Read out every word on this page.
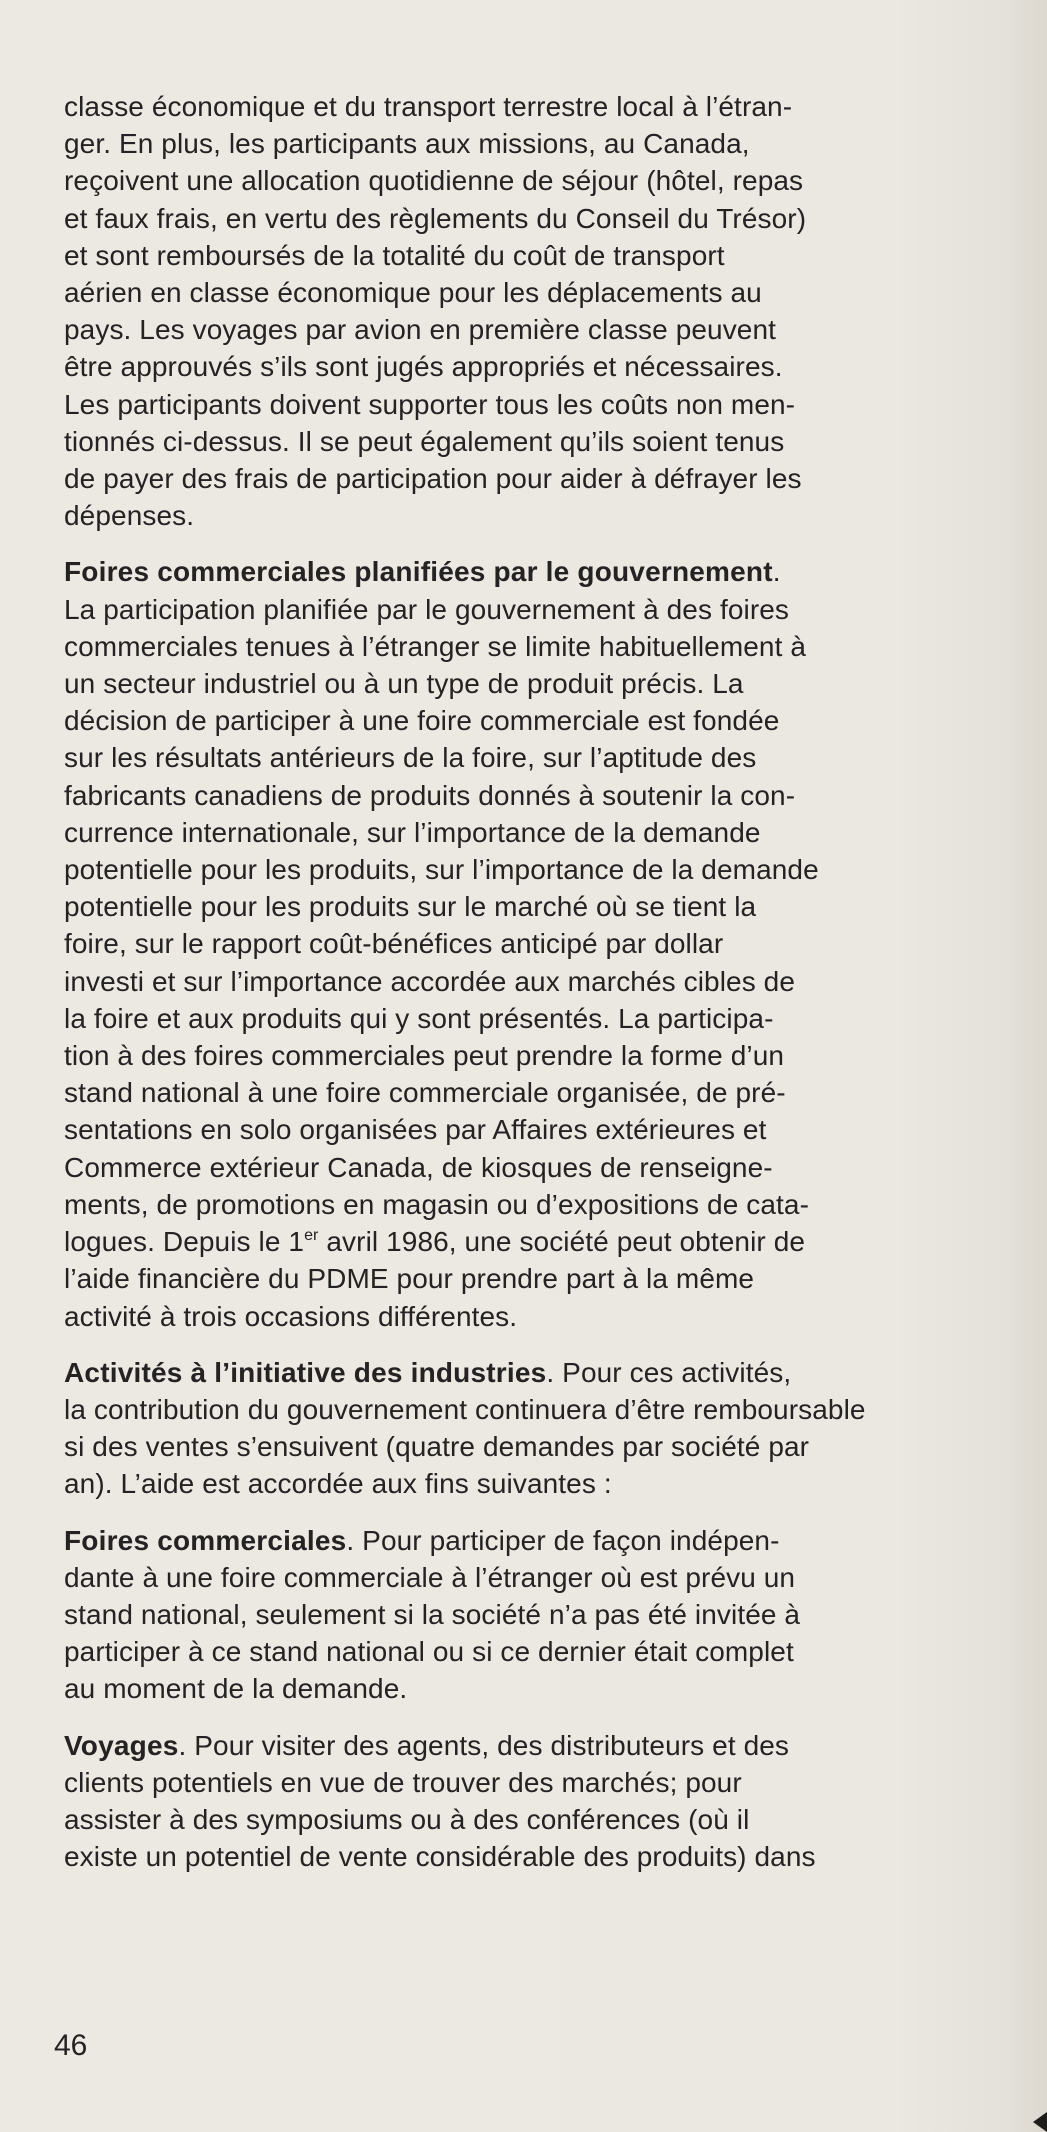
classe économique et du transport terrestre local à l’étran-
ger. En plus, les participants aux missions, au Canada,
reçoivent une allocation quotidienne de séjour (hôtel, repas
et faux frais, en vertu des règlements du Conseil du Trésor)
et sont remboursés de la totalité du coût de transport
aérien en classe économique pour les déplacements au
pays. Les voyages par avion en première classe peuvent
être approuvés s’ils sont jugés appropriés et nécessaires.
Les participants doivent supporter tous les coûts non men-
tionnés ci-dessus. Il se peut également qu’ils soient tenus
de payer des frais de participation pour aider à défrayer les
dépenses.

Foires commerciales planifiées par le gouvernement.
La participation planifiée par le gouvernement à des foires
commerciales tenues à l’étranger se limite habituellement à
un secteur industriel ou à un type de produit précis. La
décision de participer à une foire commerciale est fondée
sur les résultats antérieurs de la foire, sur l’aptitude des
fabricants canadiens de produits donnés à soutenir la con-
currence internationale, sur l’importance de la demande
potentielle pour les produits, sur l’importance de la demande
potentielle pour les produits sur le marché où se tient la
foire, sur le rapport coût-bénéfices anticipé par dollar
investi et sur l’importance accordée aux marchés cibles de
la foire et aux produits qui y sont présentés. La participa-
tion à des foires commerciales peut prendre la forme d’un
stand national à une foire commerciale organisée, de pré-
sentations en solo organisées par Affaires extérieures et
Commerce extérieur Canada, de kiosques de renseigne-
ments, de promotions en magasin ou d’expositions de cata-
logues. Depuis le 1er avril 1986, une société peut obtenir de
l’aide financière du PDME pour prendre part à la même
activité à trois occasions différentes.

Activités à l’initiative des industries. Pour ces activités,
la contribution du gouvernement continuera d’être remboursable
si des ventes s’ensuivent (quatre demandes par société par
an). L’aide est accordée aux fins suivantes :

Foires commerciales. Pour participer de façon indépen-
dante à une foire commerciale à l’étranger où est prévu un
stand national, seulement si la société n’a pas été invitée à
participer à ce stand national ou si ce dernier était complet
au moment de la demande.

Voyages. Pour visiter des agents, des distributeurs et des
clients potentiels en vue de trouver des marchés; pour
assister à des symposiums ou à des conférences (où il
existe un potentiel de vente considérable des produits) dans

46
